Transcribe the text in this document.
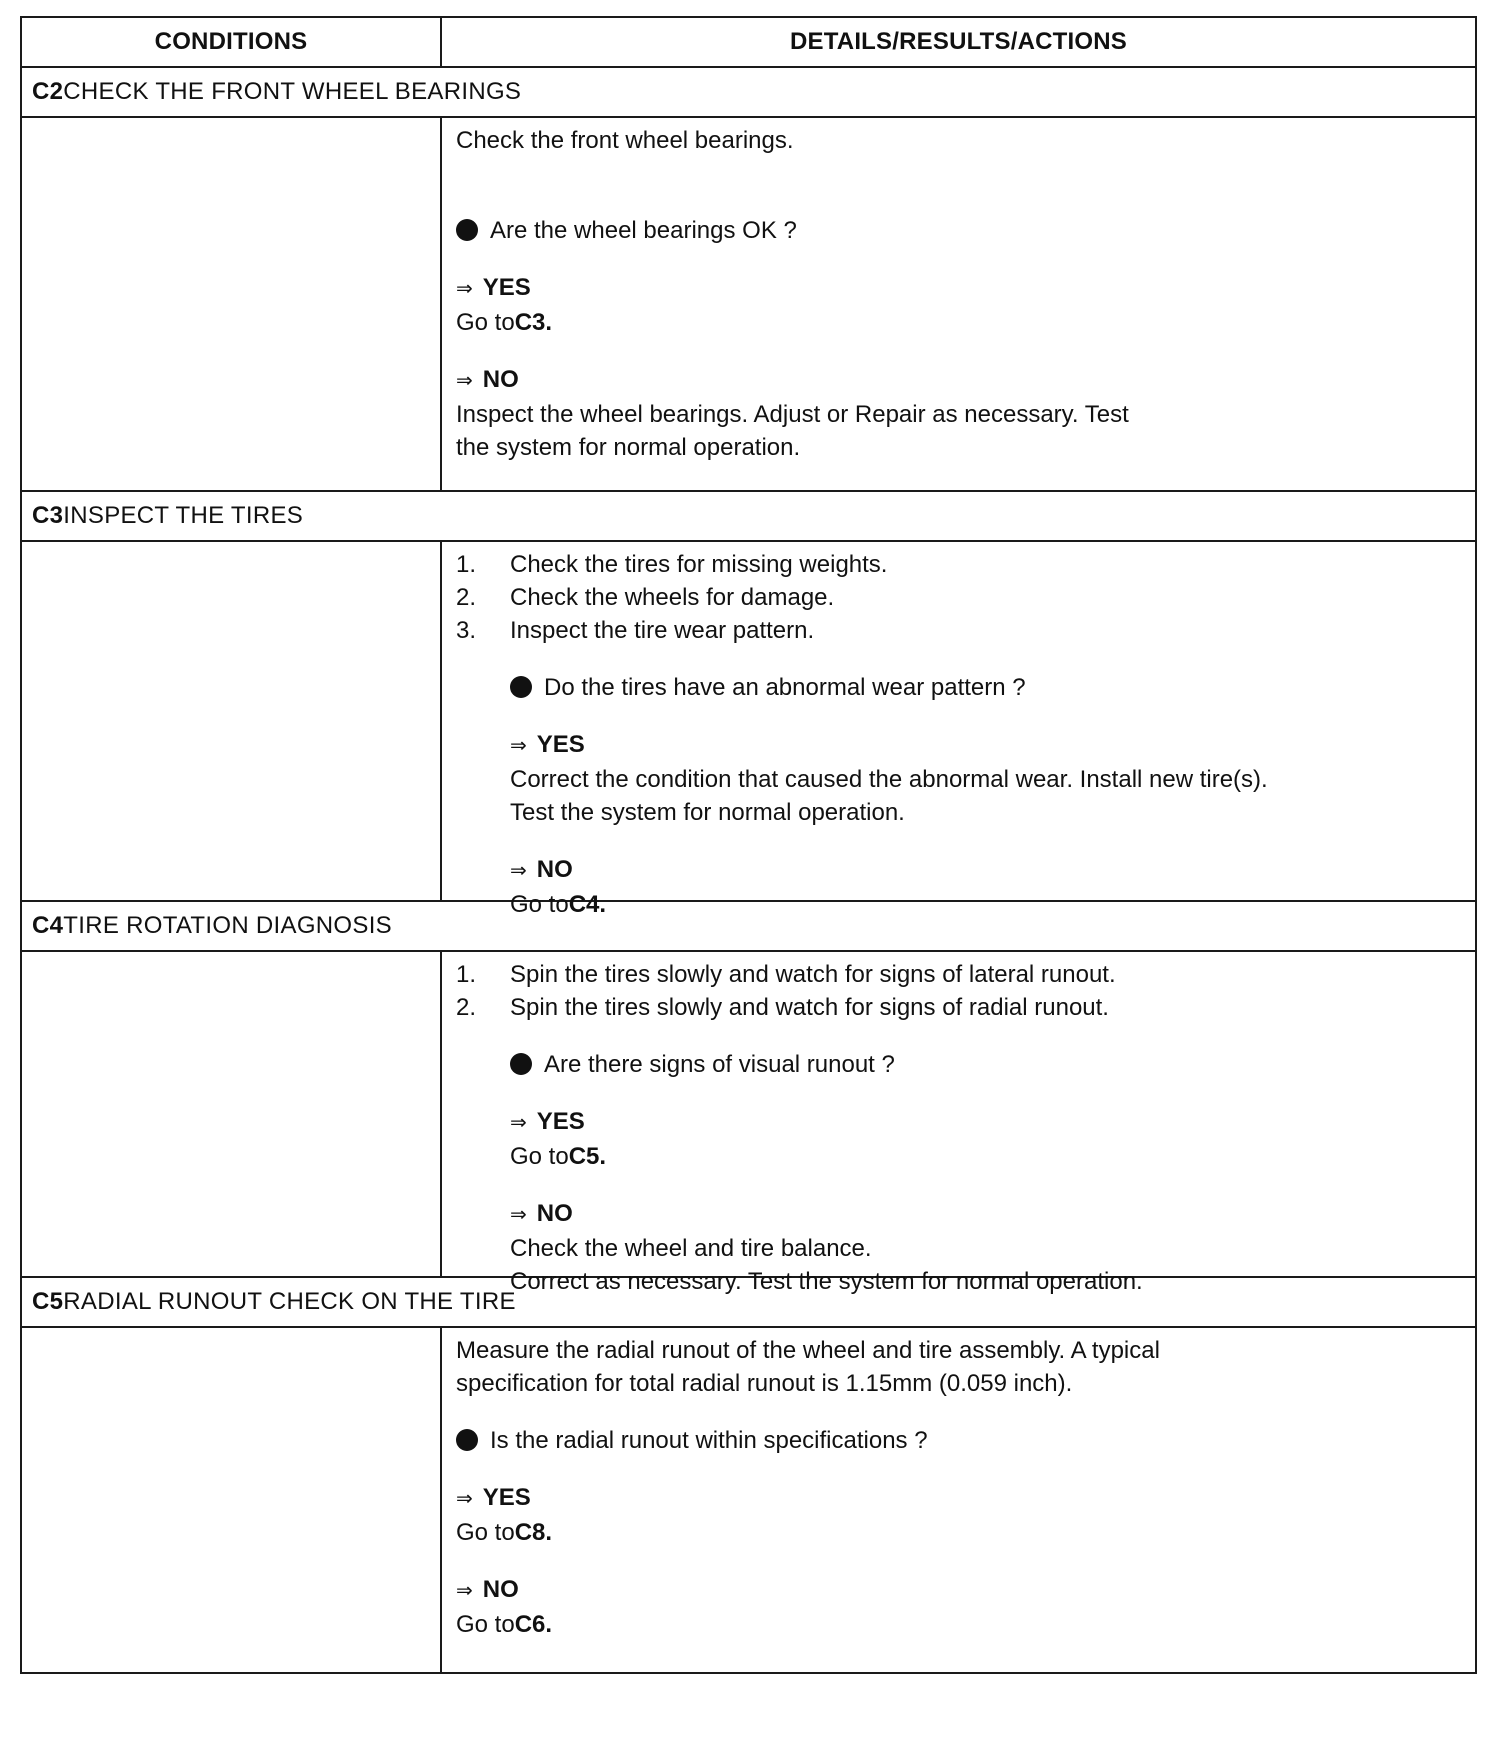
CONDITIONS	DETAILS/RESULTS/ACTIONS
C2 CHECK THE FRONT WHEEL BEARINGS
Check the front wheel bearings.
Are the wheel bearings OK ?
⇒ YES
Go toC3.
⇒ NO
Inspect the wheel bearings. Adjust or Repair as necessary. Test
the system for normal operation.
C3 INSPECT THE TIRES
1.	Check the tires for missing weights.
2.	Check the wheels for damage.
3.	Inspect the tire wear pattern.
Do the tires have an abnormal wear pattern ?
⇒ YES
Correct the condition that caused the abnormal wear. Install new tire(s).
Test the system for normal operation.
⇒ NO
Go toC4.
C4 TIRE ROTATION DIAGNOSIS
1.	Spin the tires slowly and watch for signs of lateral runout.
2.	Spin the tires slowly and watch for signs of radial runout.
Are there signs of visual runout ?
⇒ YES
Go toC5.
⇒ NO
Check the wheel and tire balance.
Correct as necessary. Test the system for normal operation.
C5 RADIAL RUNOUT CHECK ON THE TIRE
Measure the radial runout of the wheel and tire assembly. A typical
specification for total radial runout is 1.15mm (0.059 inch).
Is the radial runout within specifications ?
⇒ YES
Go toC8.
⇒ NO
Go toC6.
